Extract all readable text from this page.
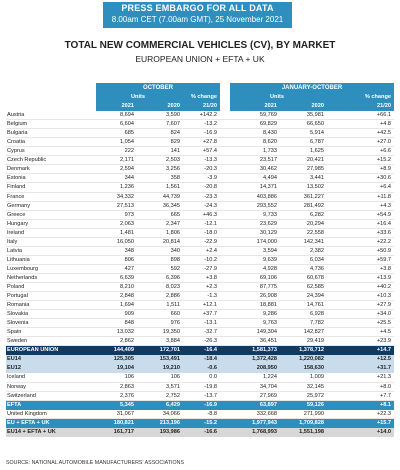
PRESS EMBARGO FOR ALL DATA
8.00am CET (7.00am GMT), 25 November 2021
TOTAL NEW COMMERCIAL VEHICLES (CV), BY MARKET
EUROPEAN UNION + EFTA + UK
OCTOBER	JANUARY-OCTOBER
Units	% change	Units	% change
2021	2020	21/20	2021	2020	21/20
Austria	8,694	3,590	+142.2	59,769	35,981	+66.1
Belgium	6,604	7,607	-13.2	69,829	66,650	+4.8
Bulgaria	685	824	-16.9	8,430	5,914	+42.5
Croatia	1,054	829	+27.8	8,620	6,787	+27.0
Cyprus	222	141	+57.4	1,733	1,625	+6.6
Czech Republic	2,171	2,503	-13.3	23,517	20,421	+15.2
Denmark	2,594	3,256	-20.3	30,462	27,985	+8.9
Estonia	344	358	-3.9	4,494	3,441	+30.6
Finland	1,236	1,561	-20.8	14,371	13,502	+6.4
France	34,332	44,739	-23.3	403,886	361,227	+11.8
Germany	27,513	36,345	-24.3	293,552	281,492	+4.3
Greece	973	665	+46.3	9,733	6,282	+54.9
Hungary	2,063	2,347	-12.1	23,629	20,294	+16.4
Ireland	1,481	1,806	-18.0	30,129	22,558	+33.6
Italy	16,050	20,814	-22.9	174,000	142,341	+22.2
Latvia	348	340	+2.4	3,594	2,382	+50.9
Lithuania	806	898	-10.2	9,639	6,034	+59.7
Luxembourg	427	592	-27.9	4,928	4,736	+3.8
Netherlands	6,639	6,396	+3.8	69,106	60,678	+13.9
Poland	8,210	8,023	+2.3	87,775	62,585	+40.2
Portugal	2,848	2,886	-1.3	26,908	24,394	+10.3
Romania	1,694	1,511	+12.1	18,881	14,761	+27.9
Slovakia	909	660	+37.7	9,286	6,928	+34.0
Slovenia	848	976	-13.1	9,763	7,782	+25.5
Spain	13,032	19,350	-32.7	149,304	142,827	+4.5
Sweden	2,862	3,884	-26.3	36,451	29,419	+23.9
EUROPEAN UNION	144,409	172,701	-16.4	1,581,373	1,378,712	+14.7
EU14	125,305	153,491	-18.4	1,372,428	1,220,082	+12.5
EU12	19,104	19,210	-0.6	208,950	158,630	+31.7
Iceland	106	106	0.0	1,224	1,009	+21.3
Norway	2,863	3,571	-19.8	34,704	32,145	+8.0
Switzerland	2,376	2,752	-13.7	27,969	25,972	+7.7
EFTA	5,345	6,429	-16.9	63,897	59,126	+8.1
United Kingdom	31,067	34,066	-8.8	332,668	271,990	+22.3
EU + EFTA + UK	180,821	213,196	-15.2	1,977,943	1,709,828	+15.7
EU14 + EFTA + UK	161,717	193,986	-16.6	1,768,993	1,551,198	+14.0
SOURCE: NATIONAL AUTOMOBILE MANUFACTURERS' ASSOCIATIONS
